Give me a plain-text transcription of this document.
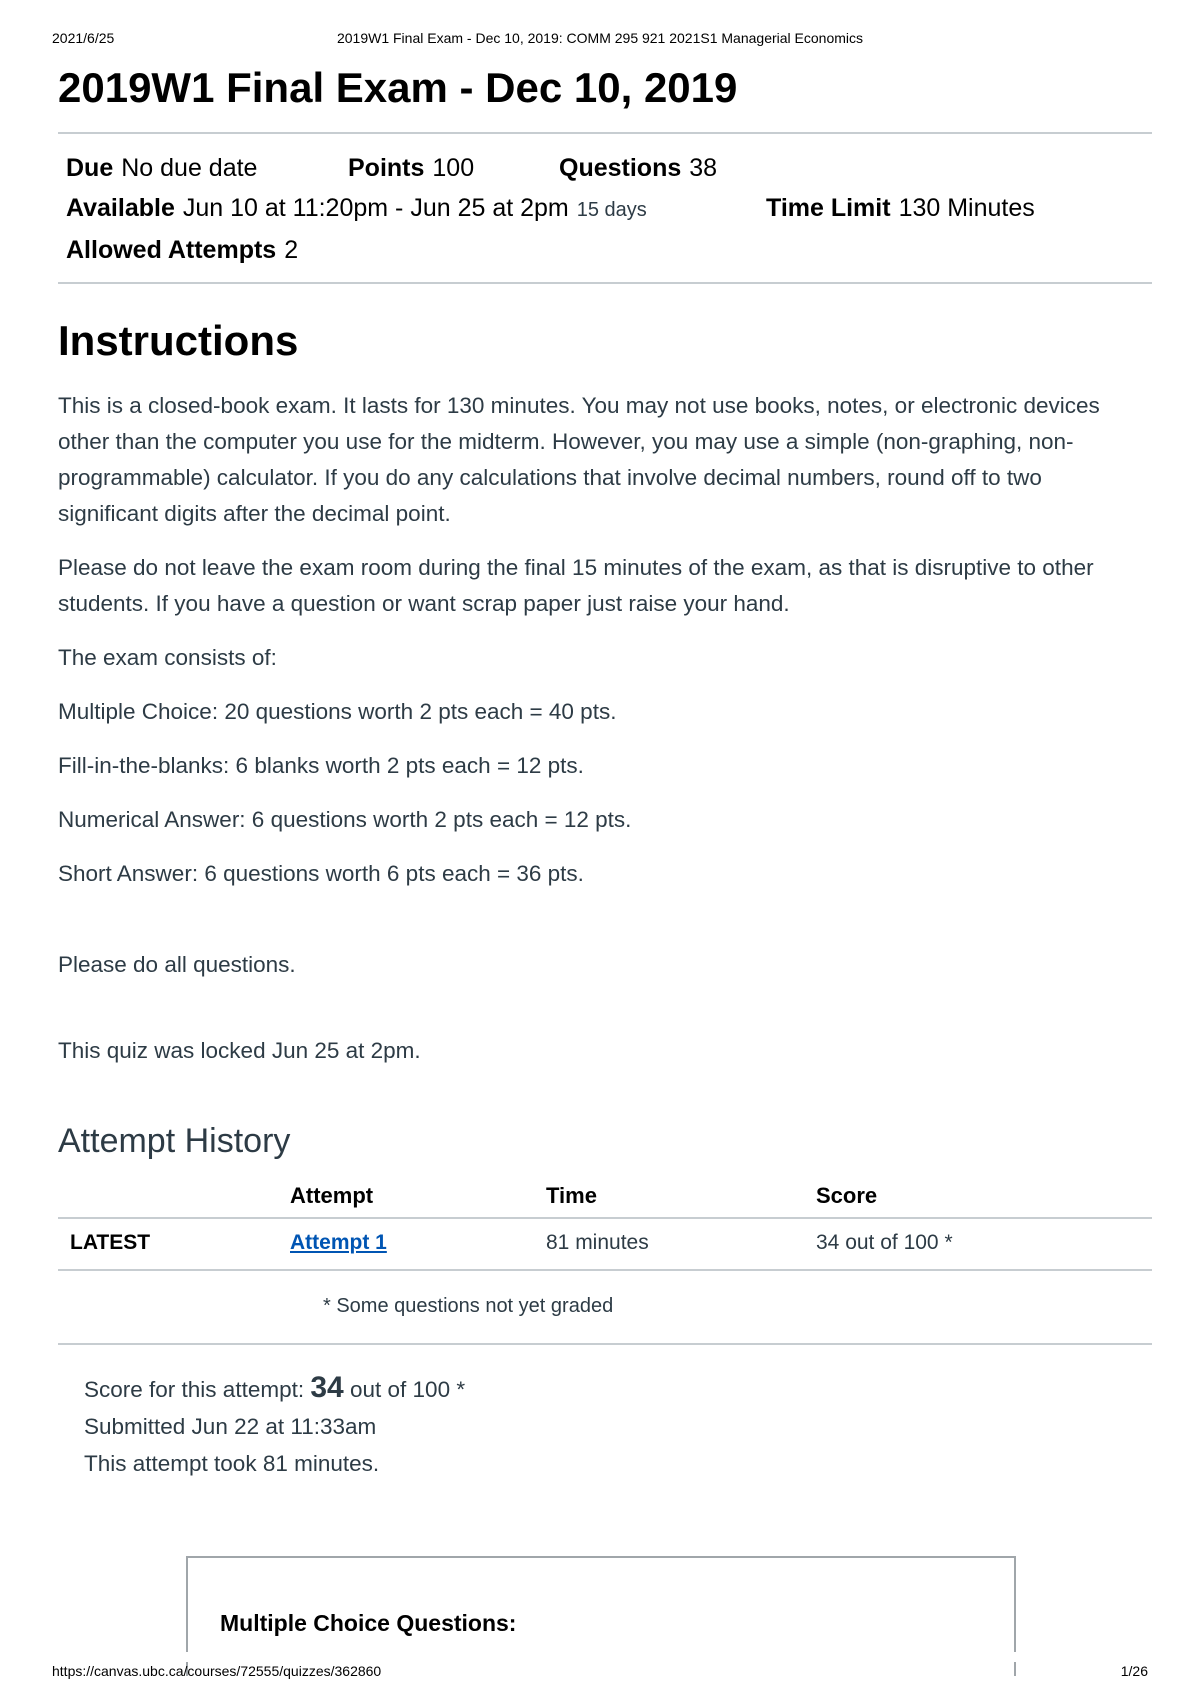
2021/6/25	2019W1 Final Exam - Dec 10, 2019: COMM 295 921 2021S1 Managerial Economics
2019W1 Final Exam - Dec 10, 2019
Due No due date	Points 100	Questions 38
Available Jun 10 at 11:20pm - Jun 25 at 2pm 15 days	Time Limit 130 Minutes
Allowed Attempts 2
Instructions

This is a closed-book exam. It lasts for 130 minutes. You may not use books, notes, or electronic devices other than the computer you use for the midterm. However, you may use a simple (non-graphing, non-programmable) calculator. If you do any calculations that involve decimal numbers, round off to two significant digits after the decimal point.

Please do not leave the exam room during the final 15 minutes of the exam, as that is disruptive to other students. If you have a question or want scrap paper just raise your hand.

The exam consists of:

Multiple Choice: 20 questions worth 2 pts each = 40 pts.

Fill-in-the-blanks: 6 blanks worth 2 pts each = 12 pts.

Numerical Answer: 6 questions worth 2 pts each = 12 pts.

Short Answer: 6 questions worth 6 pts each = 36 pts.

Please do all questions.

This quiz was locked Jun 25 at 2pm.

Attempt History
	Attempt	Time	Score
LATEST	Attempt 1	81 minutes	34 out of 100 *
* Some questions not yet graded
Score for this attempt: 34 out of 100 *
Submitted Jun 22 at 11:33am
This attempt took 81 minutes.
Multiple Choice Questions:
https://canvas.ubc.ca/courses/72555/quizzes/362860	1/26
